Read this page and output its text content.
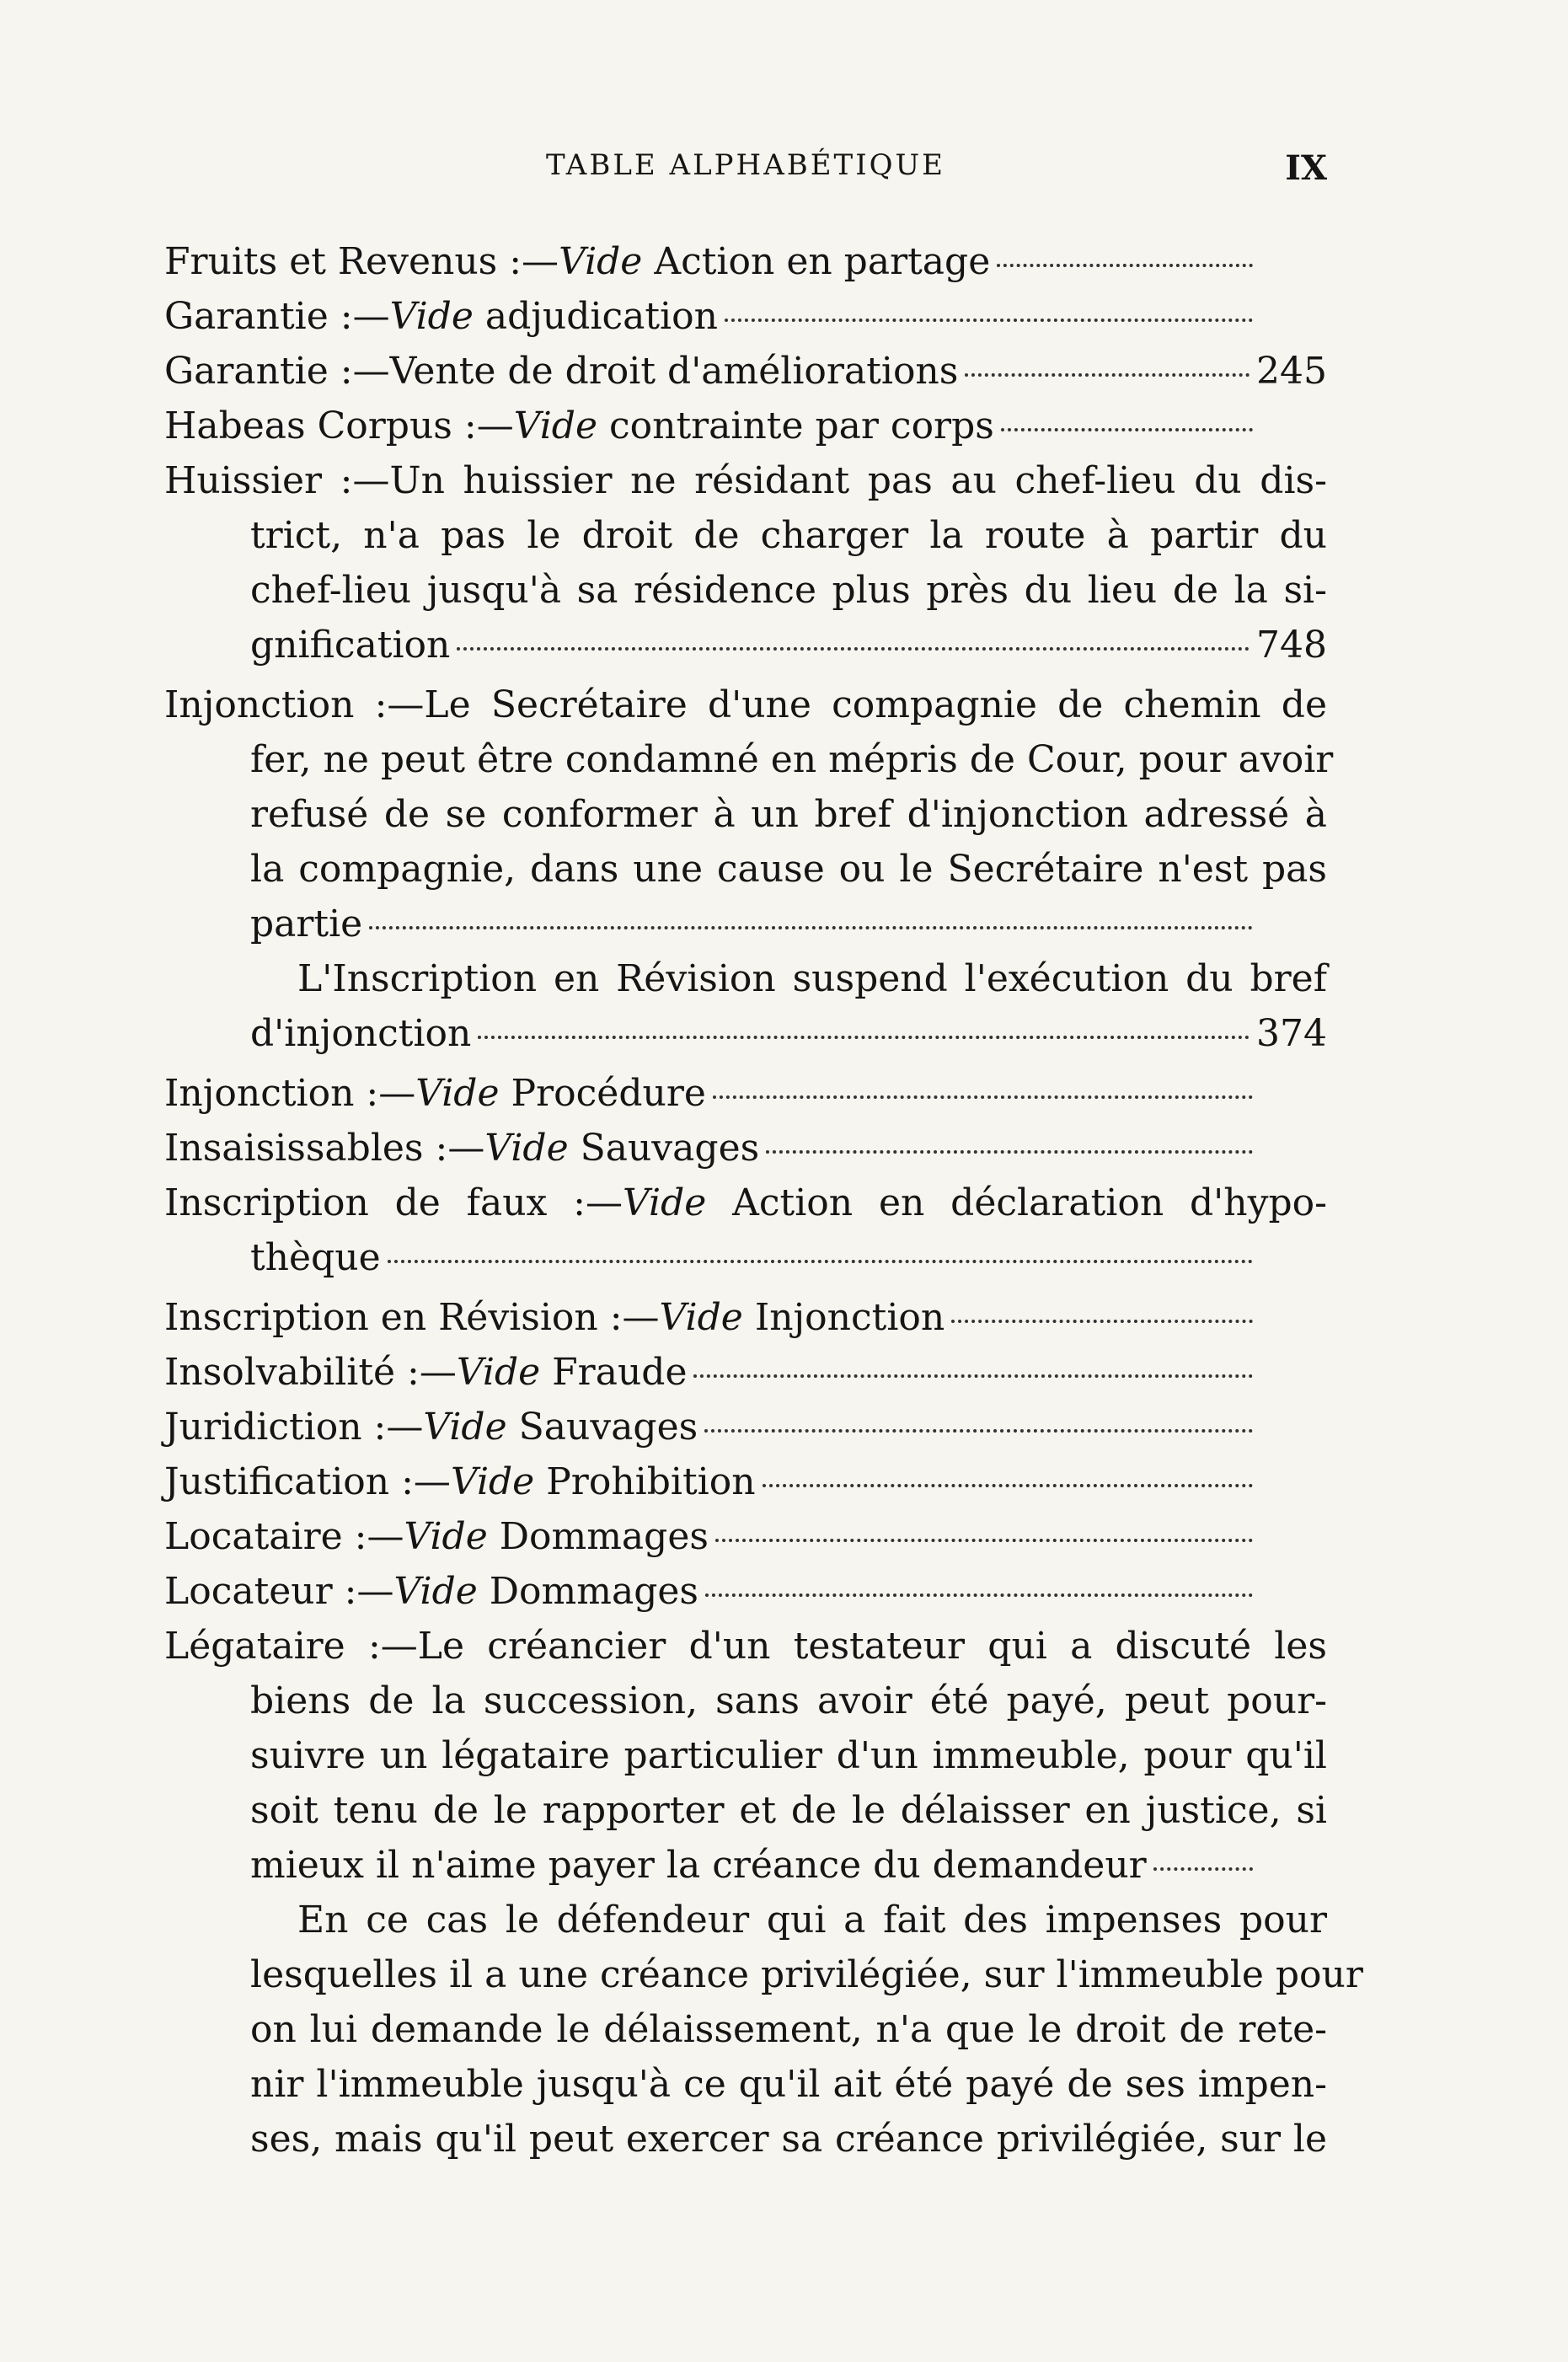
TABLE ALPHABÉTIQUE	IX
Fruits et Revenus :—Vide Action en partage
Garantie :—Vide adjudication
Garantie :—Vente de droit d'améliorations	245
Habeas Corpus :—Vide contrainte par corps
Huissier :—Un huissier ne résidant pas au chef-lieu du dis-
trict, n'a pas le droit de charger la route à partir du
chef-lieu jusqu'à sa résidence plus près du lieu de la si-
gnification	748
Injonction :—Le Secrétaire d'une compagnie de chemin de
fer, ne peut être condamné en mépris de Cour, pour avoir
refusé de se conformer à un bref d'injonction adressé à
la compagnie, dans une cause ou le Secrétaire n'est pas
partie
L'Inscription en Révision suspend l'exécution du bref
d'injonction	374
Injonction :—Vide Procédure
Insaisissables :—Vide Sauvages
Inscription de faux :—Vide Action en déclaration d'hypo-
thèque
Inscription en Révision :—Vide Injonction
Insolvabilité :—Vide Fraude
Juridiction :—Vide Sauvages
Justification :—Vide Prohibition
Locataire :—Vide Dommages
Locateur :—Vide Dommages
Légataire :—Le créancier d'un testateur qui a discuté les
biens de la succession, sans avoir été payé, peut pour-
suivre un légataire particulier d'un immeuble, pour qu'il
soit tenu de le rapporter et de le délaisser en justice, si
mieux il n'aime payer la créance du demandeur
En ce cas le défendeur qui a fait des impenses pour
lesquelles il a une créance privilégiée, sur l'immeuble pour
on lui demande le délaissement, n'a que le droit de rete-
nir l'immeuble jusqu'à ce qu'il ait été payé de ses impen-
ses, mais qu'il peut exercer sa créance privilégiée, sur le
